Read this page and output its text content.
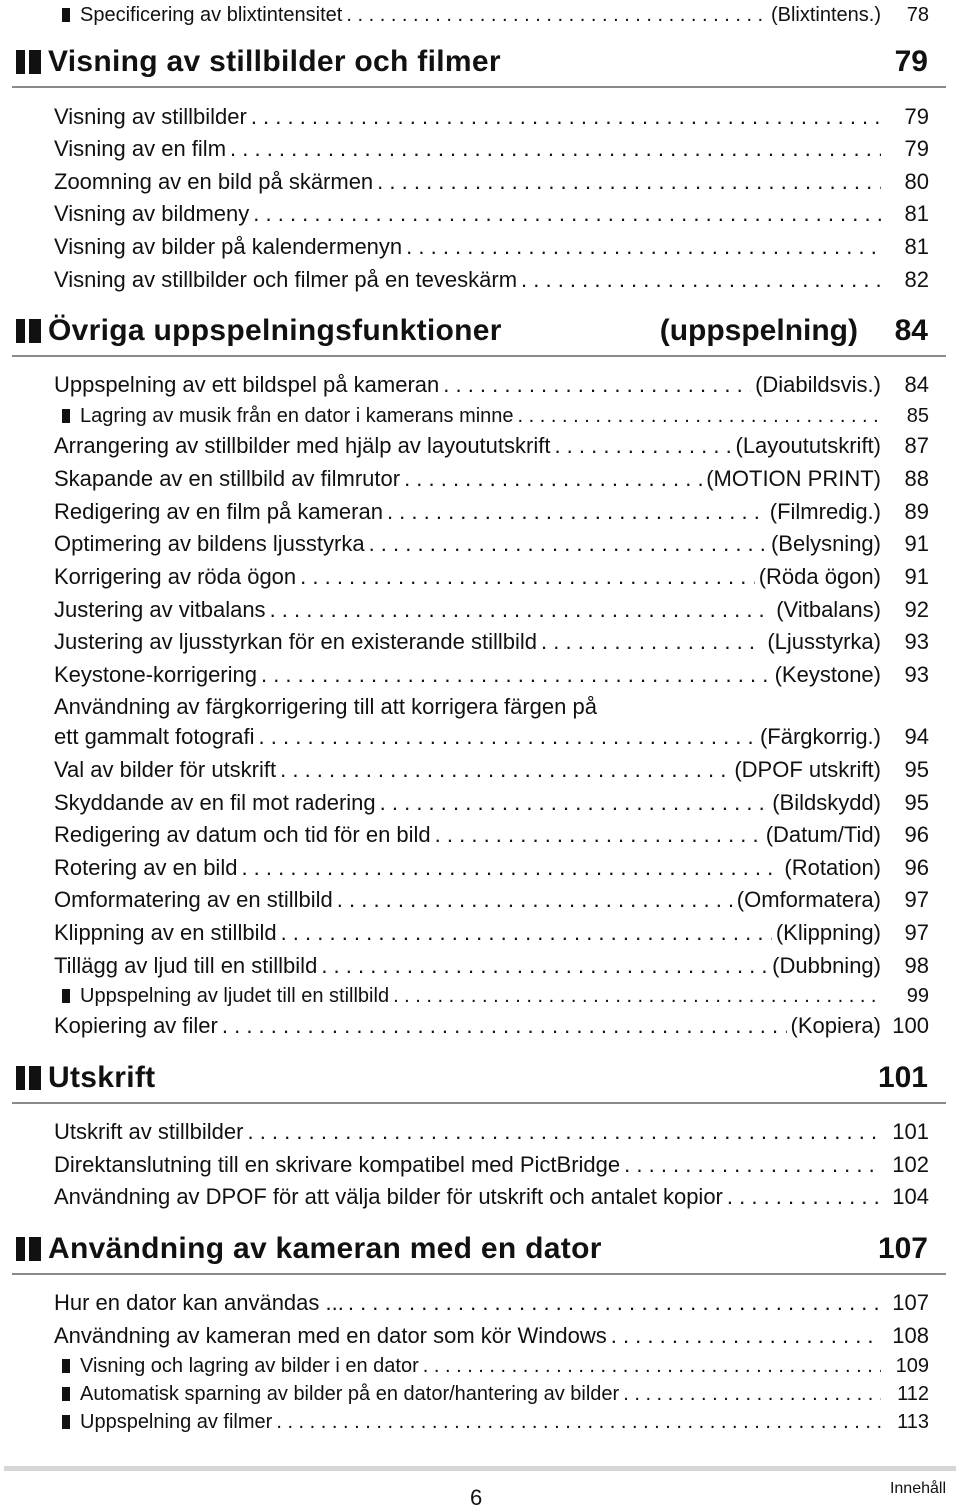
Specificering av blixtintensitet . . .	(Blixtintens.)	78
Visning av stillbilder och filmer	79
Visning av stillbilder . . .	79
Visning av en film . . .	79
Zoomning av en bild på skärmen . . .	80
Visning av bildmeny . . .	81
Visning av bilder på kalendermenyn . . .	81
Visning av stillbilder och filmer på en teveskärm . . .	82
Övriga uppspelningsfunktioner	(uppspelning) 84
Uppspelning av ett bildspel på kameran . . .	(Diabildsvis.)	84
Lagring av musik från en dator i kamerans minne . . .	85
Arrangering av stillbilder med hjälp av layoututskrift . . .	(Layoututskrift)	87
Skapande av en stillbild av filmrutor . . .	(MOTION PRINT)	88
Redigering av en film på kameran . . .	(Filmredig.)	89
Optimering av bildens ljusstyrka . . .	(Belysning)	91
Korrigering av röda ögon . . .	(Röda ögon)	91
Justering av vitbalans . . .	(Vitbalans)	92
Justering av ljusstyrkan för en existerande stillbild . . .	(Ljusstyrka)	93
Keystone-korrigering . . .	(Keystone)	93
Användning av färgkorrigering till att korrigera färgen på
ett gammalt fotografi . . .	(Färgkorrig.)	94
Val av bilder för utskrift . . .	(DPOF utskrift)	95
Skyddande av en fil mot radering . . .	(Bildskydd)	95
Redigering av datum och tid för en bild . . .	(Datum/Tid)	96
Rotering av en bild . . .	(Rotation)	96
Omformatering av en stillbild . . .	(Omformatera)	97
Klippning av en stillbild . . .	(Klippning)	97
Tillägg av ljud till en stillbild . . .	(Dubbning)	98
Uppspelning av ljudet till en stillbild . . .	99
Kopiering av filer . . .	(Kopiera) 100
Utskrift	101
Utskrift av stillbilder . . .	101
Direktanslutning till en skrivare kompatibel med PictBridge . . .	102
Användning av DPOF för att välja bilder för utskrift och antalet kopior . . .	104
Användning av kameran med en dator	107
Hur en dator kan användas ... . . .	107
Användning av kameran med en dator som kör Windows . . .	108
Visning och lagring av bilder i en dator . . .	109
Automatisk sparning av bilder på en dator/hantering av bilder . . .	112
Uppspelning av filmer . . .	113
6	Innehåll
